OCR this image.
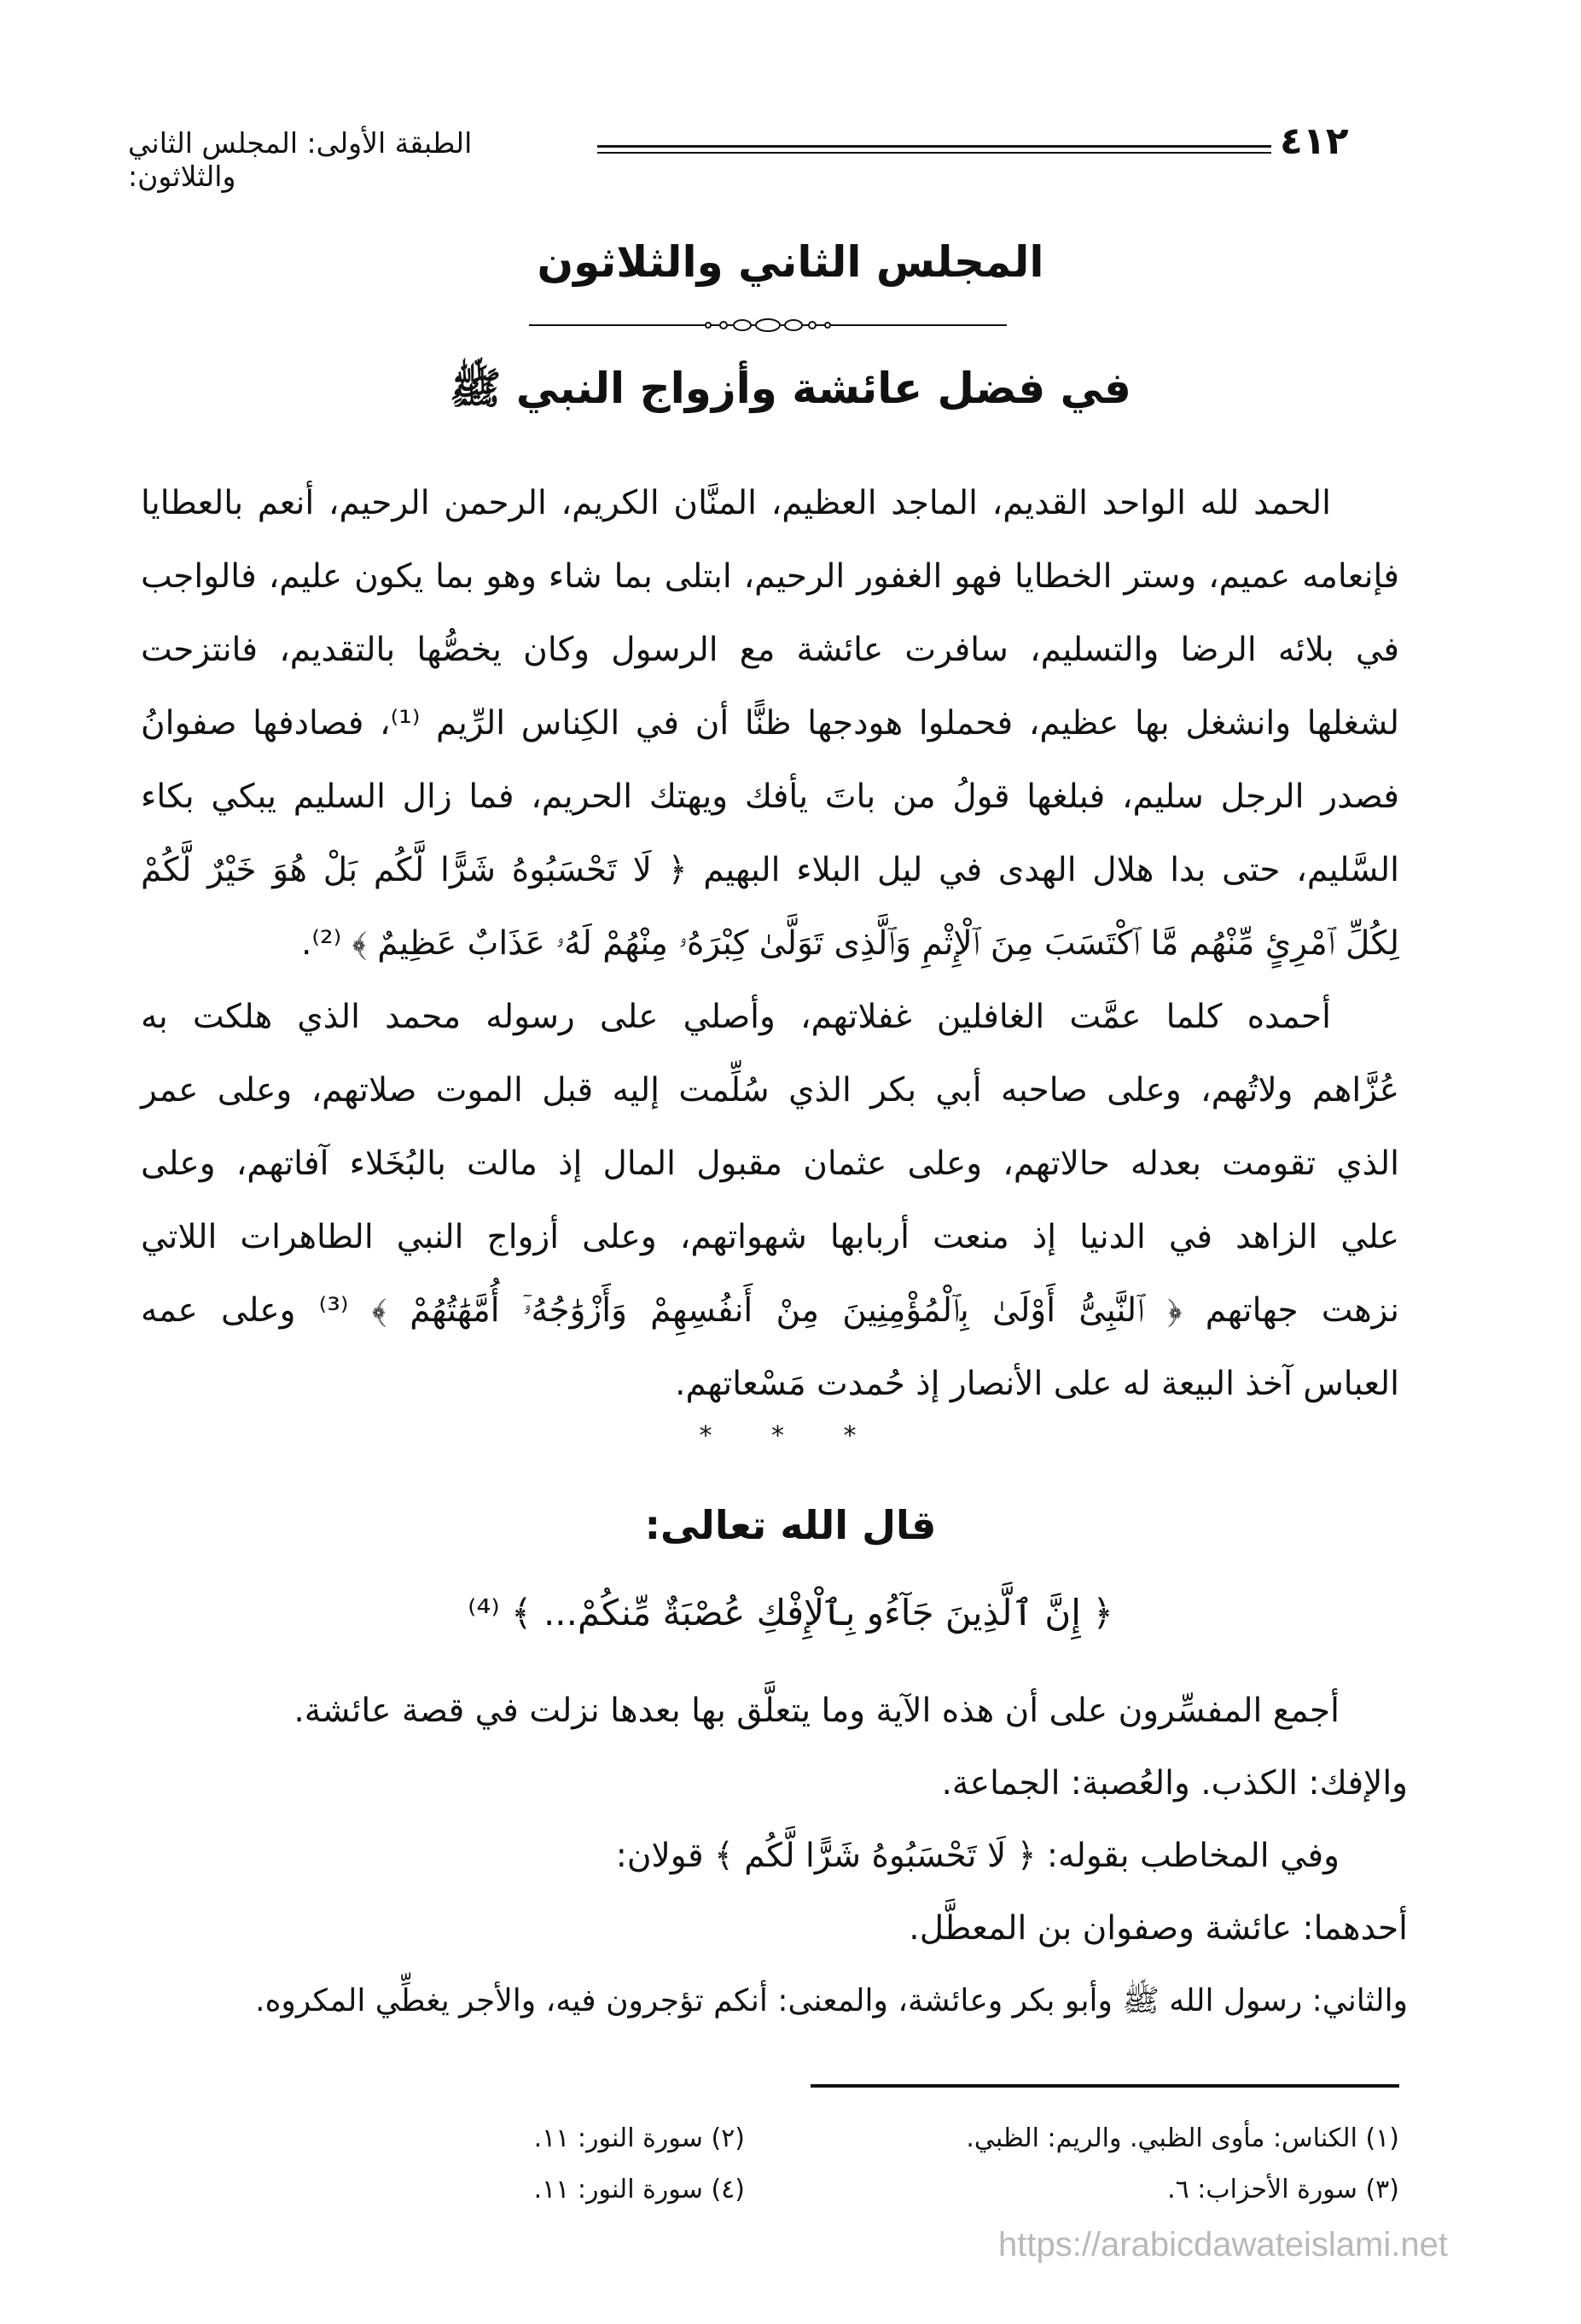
٤١٢
الطبقة الأولى: المجلس الثاني والثلاثون:
المجلس الثاني والثلاثون
في فضل عائشة وأزواج النبي ﷺ
الحمد لله الواحد القديم، الماجد العظيم، المنَّان الكريم، الرحمن الرحيم، أنعم بالعطايا
فإنعامه عميم، وستر الخطايا فهو الغفور الرحيم، ابتلى بما شاء وهو بما يكون عليم، فالواجب
في بلائه الرضا والتسليم، سافرت عائشة مع الرسول وكان يخصُّها بالتقديم، فانتزحت
لشغلها وانشغل بها عظيم، فحملوا هودجها ظنًّا أن في الكِناس الرِّيم ⁽¹⁾، فصادفها صفوانُ
فصدر الرجل سليم، فبلغها قولُ من باتَ يأفك ويهتك الحريم، فما زال السليم يبكي بكاء
السَّليم، حتى بدا هلال الهدى في ليل البلاء البهيم ﴿ لَا تَحْسَبُوهُ شَرًّا لَّكُم بَلْ هُوَ خَيْرٌ لَّكُمْ
لِكُلِّ ٱمْرِئٍ مِّنْهُم مَّا ٱكْتَسَبَ مِنَ ٱلْإِثْمِ وَٱلَّذِى تَوَلَّىٰ كِبْرَهُۥ مِنْهُمْ لَهُۥ عَذَابٌ عَظِيمٌ ﴾ ⁽²⁾.
أحمده كلما عمَّت الغافلين غفلاتهم، وأصلي على رسوله محمد الذي هلكت به
عُزَّاهم ولاتُهم، وعلى صاحبه أبي بكر الذي سُلِّمت إليه قبل الموت صلاتهم، وعلى عمر
الذي تقومت بعدله حالاتهم، وعلى عثمان مقبول المال إذ مالت بالبُخَلاء آفاتهم، وعلى
علي الزاهد في الدنيا إذ منعت أربابها شهواتهم، وعلى أزواج النبي الطاهرات اللاتي
نزهت جهاتهم ﴿ ٱلنَّبِىُّ أَوْلَىٰ بِٱلْمُؤْمِنِينَ مِنْ أَنفُسِهِمْ وَأَزْوَٰجُهُۥٓ أُمَّهَٰتُهُمْ ﴾ ⁽³⁾ وعلى عمه
العباس آخذ البيعة له على الأنصار إذ حُمدت مَسْعاتهم.
* * *
قال الله تعالى:
﴿ إِنَّ ٱلَّذِينَ جَآءُو بِٱلْإِفْكِ عُصْبَةٌ مِّنكُمْ... ﴾ ⁽⁴⁾
أجمع المفسِّرون على أن هذه الآية وما يتعلَّق بها بعدها نزلت في قصة عائشة.
والإفك: الكذب. والعُصبة: الجماعة.
وفي المخاطب بقوله: ﴿ لَا تَحْسَبُوهُ شَرًّا لَّكُم ﴾ قولان:
أحدهما: عائشة وصفوان بن المعطَّل.
والثاني: رسول الله ﷺ وأبو بكر وعائشة، والمعنى: أنكم تؤجرون فيه، والأجر يغطِّي المكروه.
(١) الكناس: مأوى الظبي. والريم: الظبي.
(٢) سورة النور: ١١.
(٣) سورة الأحزاب: ٦.
(٤) سورة النور: ١١.
https://arabicdawateislami.net
